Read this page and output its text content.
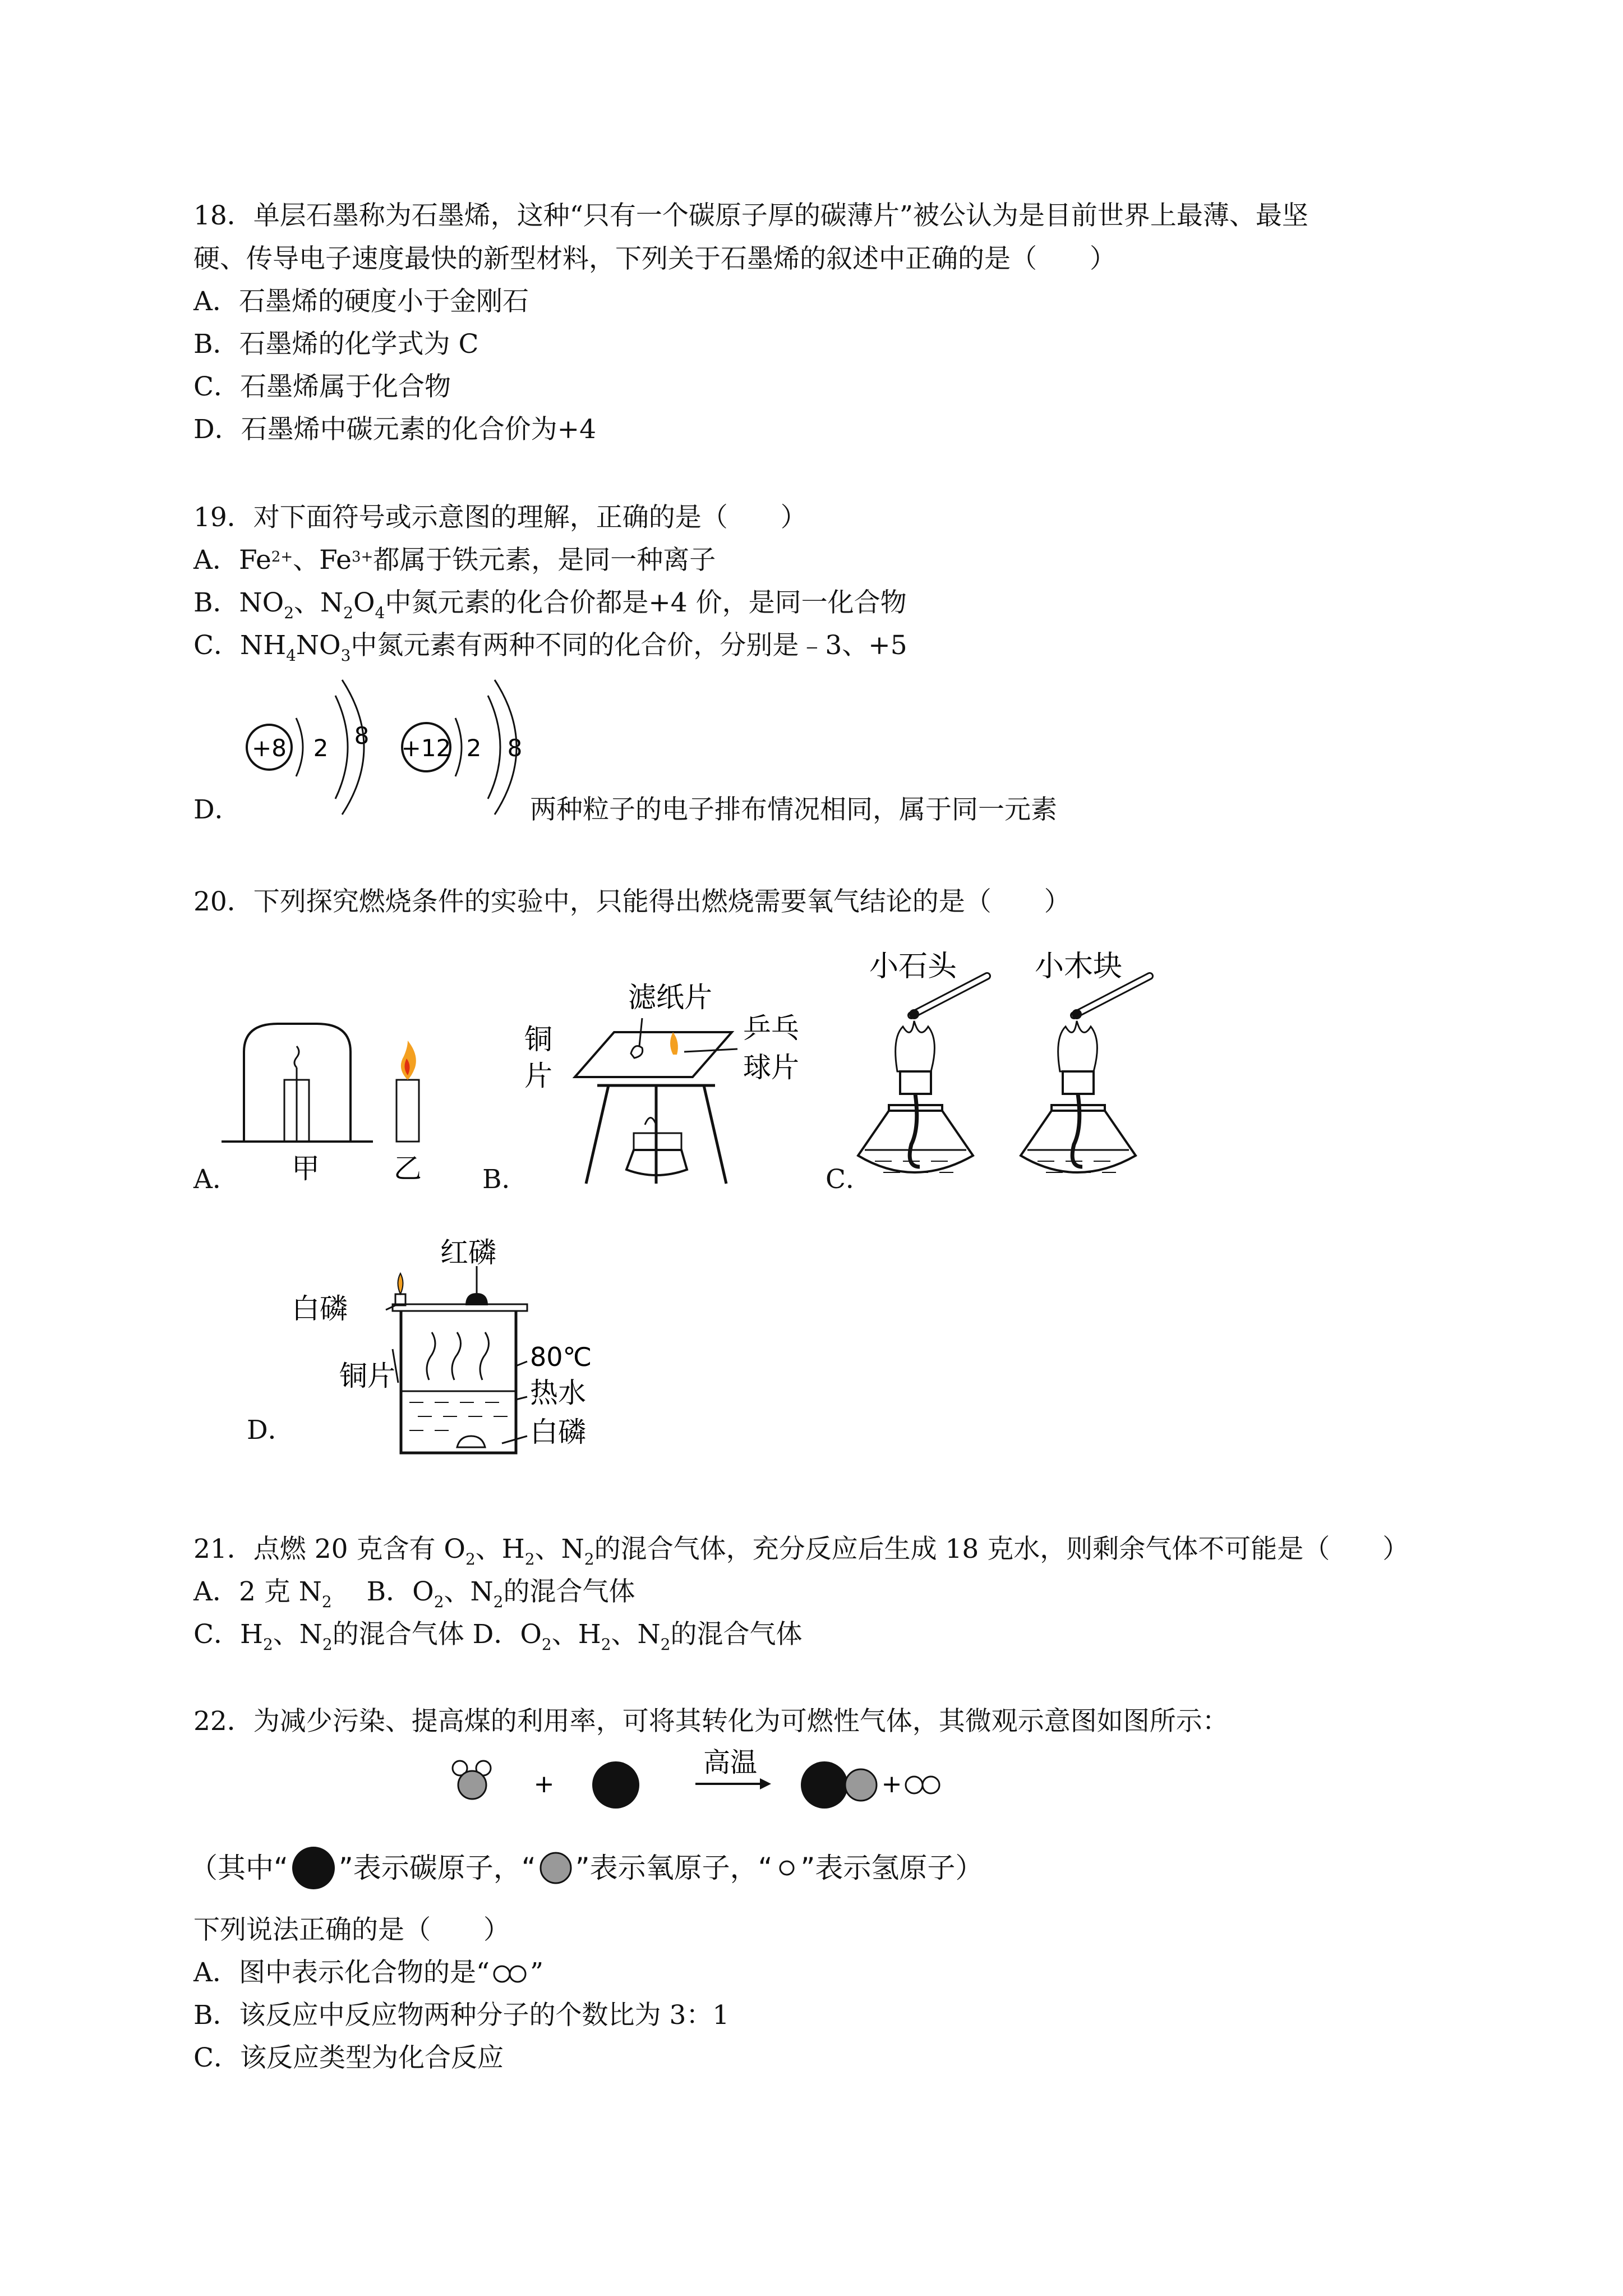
18．单层石墨称为石墨烯，这种“只有一个碳原子厚的碳薄片”被公认为是目前世界上最薄、最坚
硬、传导电子速度最快的新型材料，下列关于石墨烯的叙述中正确的是（　　）
A．石墨烯的硬度小于金刚石
B．石墨烯的化学式为 C
C．石墨烯属于化合物
D．石墨烯中碳元素的化合价为+4
19．对下面符号或示意图的理解，正确的是（　　）
A．$Fe^{2+}$、$Fe^{3+}$都属于铁元素，是同一种离子
B．$NO_2$、$N_2O_4$中氮元素的化合价都是+4 价，是同一化合物
C．$NH_4NO_3$中氮元素有两种不同的化合价，分别是﹣3、+5
+8 2 8 +12 2 8
D．	两种粒子的电子排布情况相同，属于同一元素
20．下列探究燃烧条件的实验中，只能得出燃烧需要氧气结论的是（　　）
甲	乙
A．	B．
滤纸片
铜
片
乒乓
球片
C．
小石头	小木块
红磷
白磷
铜片
80℃
热水
白磷
D．
21．点燃 20 克含有 $O_2$、$H_2$、$N_2$的混合气体，充分反应后生成 18 克水，则剩余气体不可能是（　　）
A．2 克 $N_2$　 B．$O_2$、$N_2$的混合气体
C．$H_2$、$N_2$的混合气体 D．$O_2$、$H_2$、$N_2$的混合气体
22．为减少污染、提高煤的利用率，可将其转化为可燃性气体，其微观示意图如图所示：
+
高温
+
（其中“ ”表示碳原子，“ ”表示氧原子，“ ”表示氢原子）
下列说法正确的是（　　）
A．图中表示化合物的是“ ”
B．该反应中反应物两种分子的个数比为 3：1
C．该反应类型为化合反应
